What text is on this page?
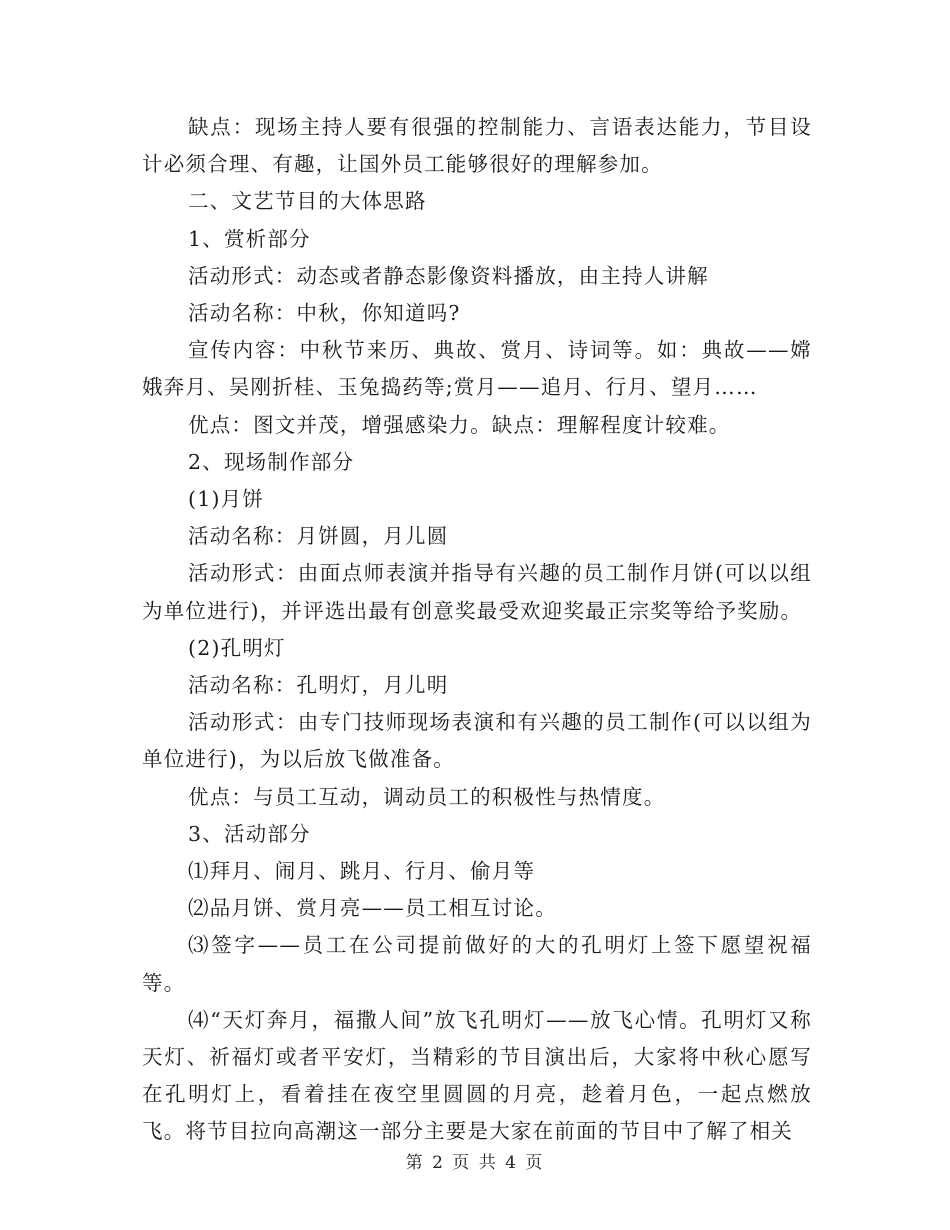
缺点：现场主持人要有很强的控制能力、言语表达能力，节目设计必须合理、有趣，让国外员工能够很好的理解参加。

二、文艺节目的大体思路

1、赏析部分

活动形式：动态或者静态影像资料播放，由主持人讲解

活动名称：中秋，你知道吗?

宣传内容：中秋节来历、典故、赏月、诗词等。如：典故——嫦娥奔月、吴刚折桂、玉兔捣药等;赏月——追月、行月、望月……

优点：图文并茂，增强感染力。缺点：理解程度计较难。

2、现场制作部分

(1)月饼

活动名称：月饼圆，月儿圆

活动形式：由面点师表演并指导有兴趣的员工制作月饼(可以以组为单位进行)，并评选出最有创意奖最受欢迎奖最正宗奖等给予奖励。

(2)孔明灯

活动名称：孔明灯，月儿明

活动形式：由专门技师现场表演和有兴趣的员工制作(可以以组为单位进行)，为以后放飞做准备。

优点：与员工互动，调动员工的积极性与热情度。

3、活动部分

⑴拜月、闹月、跳月、行月、偷月等

⑵品月饼、赏月亮——员工相互讨论。

⑶签字——员工在公司提前做好的大的孔明灯上签下愿望祝福等。

⑷“天灯奔月，福撒人间”放飞孔明灯——放飞心情。孔明灯又称天灯、祈福灯或者平安灯，当精彩的节目演出后，大家将中秋心愿写在孔明灯上，看着挂在夜空里圆圆的月亮，趁着月色，一起点燃放飞。将节目拉向高潮这一部分主要是大家在前面的节目中了解了相关

第 2 页 共 4 页
